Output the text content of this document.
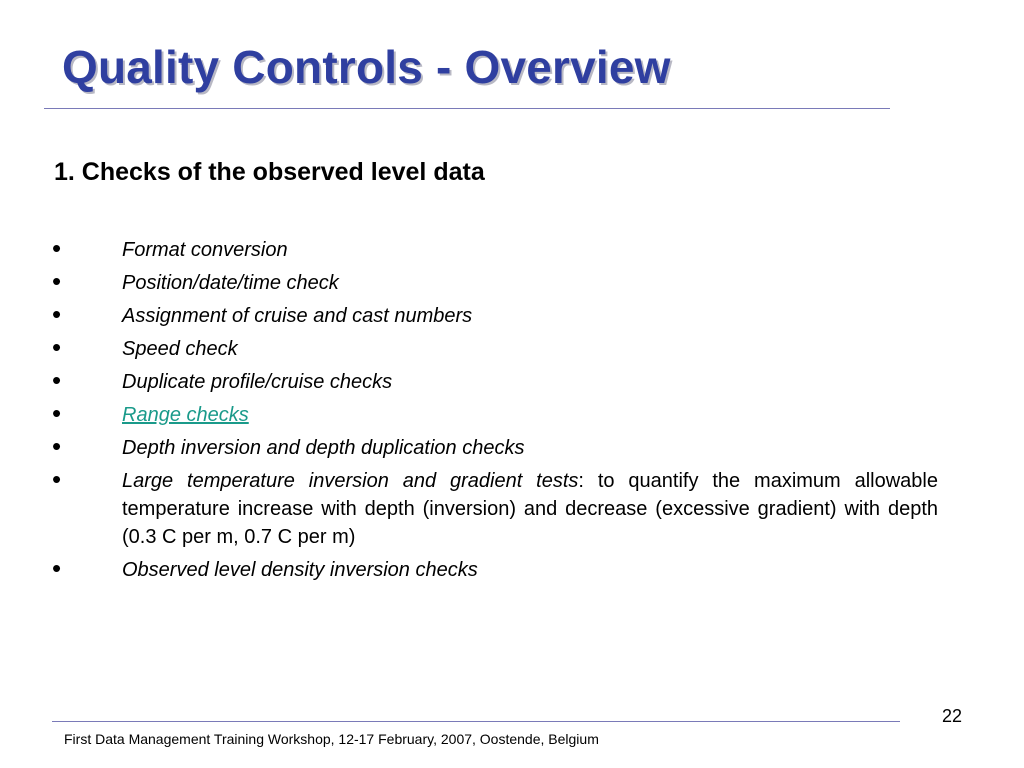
Quality Controls - Overview
1. Checks of the observed level data
•	Format conversion
•	Position/date/time check
•	Assignment of cruise and cast numbers
•	Speed check
•	Duplicate profile/cruise checks
•	Range checks
•	Depth inversion and depth duplication checks
•	Large temperature inversion and gradient tests: to quantify the maximum allowable temperature increase with depth (inversion) and decrease (excessive gradient) with depth (0.3 C per m, 0.7 C per m)
•	Observed level density inversion checks
22
First Data Management Training Workshop, 12-17 February, 2007, Oostende, Belgium
